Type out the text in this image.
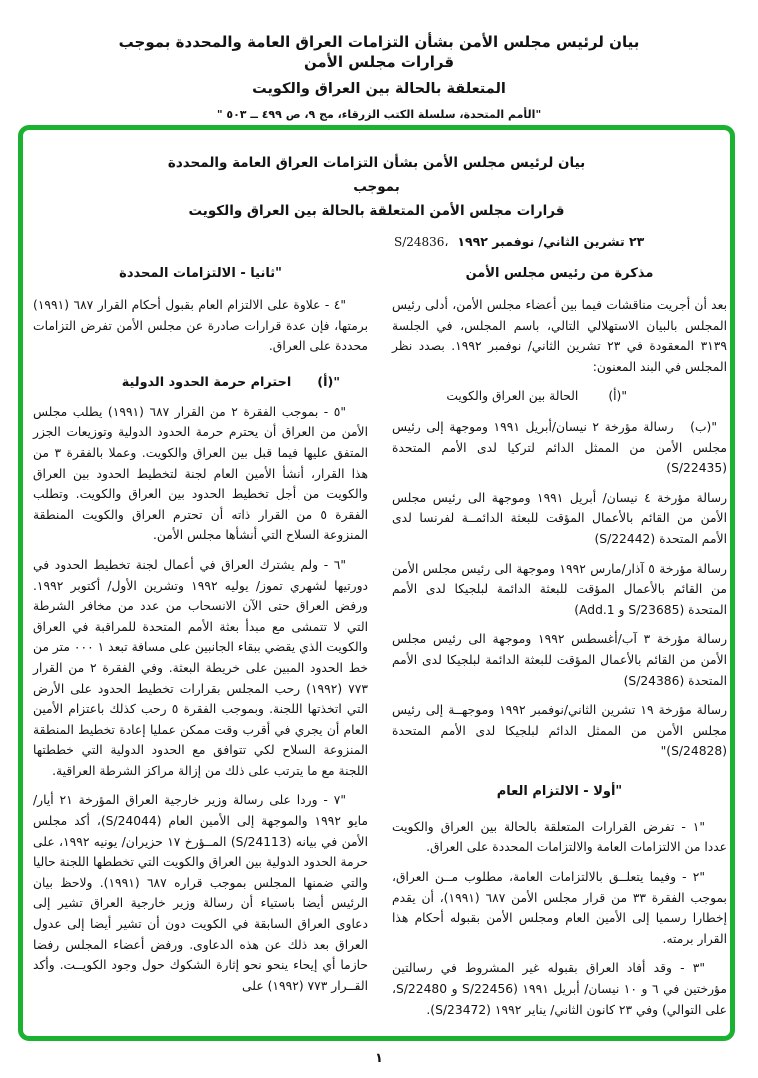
بيان لرئيس مجلس الأمن بشأن التزامات العراق العامة والمحددة بموجب قرارات مجلس الأمن
المتعلقة بالحالة بين العراق والكويت
"الأمم المتحدة، سلسلة الكتب الزرقاء، مج ٩، ص ٤٩٩ ــ ٥٠٣ "
بيان لرئيس مجلس الأمن بشأن التزامات العراق العامة والمحددة بموجب
قرارات مجلس الأمن المتعلقة بالحالة بين العراق والكويت
S/24836، ٢٣ تشرين الثاني/ نوفمبر ١٩٩٢
مذكرة من رئيس مجلس الأمن

بعد أن أجريت مناقشات فيما بين أعضاء مجلس الأمن، أدلى رئيس المجلس بالبيان الاستهلالي التالي، باسم المجلس، في الجلسة ٣١٣٩ المعقودة في ٢٣ تشرين الثاني/ نوفمبر ١٩٩٢. بصدد نظر المجلس في البند المعنون:

"(أ)
الحالة بين العراق والكويت

"(ب)   رسالة مؤرخة ٢ نيسان/أبريل ١٩٩١ وموجهة إلى رئيس مجلس الأمن من الممثل الدائم لتركيا لدى الأمم المتحدة (S/22435)

رسالة مؤرخة ٤ نيسان/ أبريل ١٩٩١ وموجهة الى رئيس مجلس الأمن من القائم بالأعمال المؤقت للبعثة الدائمــة لفرنسا لدى الأمم المتحدة (S/22442)

رسالة مؤرخة ٥ آذار/مارس ١٩٩٢ وموجهة الى رئيس مجلس الأمن من القائم بالأعمال المؤقت للبعثة الدائمة لبلجيكا لدى الأمم المتحدة (S/23685 و Add.1)

رسالة مؤرخة ٣ آب/أغسطس ١٩٩٢ وموجهة الى رئيس مجلس الأمن من القائم بالأعمال المؤقت للبعثة الدائمة لبلجيكا لدى الأمم المتحدة (S/24386)

رسالة مؤرخة ١٩ تشرين الثاني/نوفمبر ١٩٩٢ وموجهــة إلى رئيس مجلس الأمن من الممثل الدائم لبلجيكا لدى الأمم المتحدة (S/24828)"

"أولا - الالتزام العام

"١ - تفرض القرارات المتعلقة بالحالة بين العراق والكويت عددا من الالتزامات العامة والالتزامات المحددة على العراق.

"٢ - وفيما يتعلــق بالالتزامات العامة، مطلوب مــن العراق، بموجب الفقرة ٣٣ من قرار مجلس الأمن ٦٨٧ (١٩٩١)، أن يقدم إخطارا رسميا إلى الأمين العام ومجلس الأمن بقبوله أحكام هذا القرار برمته.

"٣ - وقد أفاد العراق بقبوله غير المشروط في رسالتين مؤرختين في ٦ و ١٠ نيسان/ أبريل ١٩٩١ (S/22456 و S/22480، على التوالي) وفي ٢٣ كانون الثاني/ يناير ١٩٩٢ (S/23472).

"ثانيا - الالتزامات المحددة

"٤ - علاوة على الالتزام العام بقبول أحكام القرار ٦٨٧ (١٩٩١) برمتها، فإن عدة قرارات صادرة عن مجلس الأمن تفرض التزامات محددة على العراق.

"(أ)
احترام حرمة الحدود الدولية

"٥ - بموجب الفقرة ٢ من القرار ٦٨٧ (١٩٩١) يطلب مجلس الأمن من العراق أن يحترم حرمة الحدود الدولية وتوزيعات الجزر المتفق عليها فيما قبل بين العراق والكويت. وعملا بالفقرة ٣ من هذا القرار، أنشأ الأمين العام لجنة لتخطيط الحدود بين العراق والكويت من أجل تخطيط الحدود بين العراق والكويت. وتطلب الفقرة ٥ من القرار ذاته أن تحترم العراق والكويت المنطقة المنزوعة السلاح التي أنشأها مجلس الأمن.

"٦ - ولم يشترك العراق في أعمال لجنة تخطيط الحدود في دورتيها لشهري تموز/ يوليه ١٩٩٢ وتشرين الأول/ أكتوبر ١٩٩٢. ورفض العراق حتى الآن الانسحاب من عدد من مخافر الشرطة التي لا تتمشى مع مبدأ بعثة الأمم المتحدة للمراقبة في العراق والكويت الذي يقضي ببقاء الجانبين على مسافة تبعد ١ ٠٠٠ متر من خط الحدود المبين على خريطة البعثة. وفي الفقرة ٢ من القرار ٧٧٣ (١٩٩٢) رحب المجلس بقرارات تخطيط الحدود على الأرض التي اتخذتها اللجنة. وبموجب الفقرة ٥ رحب كذلك باعتزام الأمين العام أن يجري في أقرب وقت ممكن عمليا إعادة تخطيط المنطقة المنزوعة السلاح لكي تتوافق مع الحدود الدولية التي خططتها اللجنة مع ما يترتب على ذلك من إزالة مراكز الشرطة العراقية.

"٧ - وردا على رسالة وزير خارجية العراق المؤرخة ٢١ أيار/ مايو ١٩٩٢ والموجهة إلى الأمين العام (S/24044)، أكد مجلس الأمن في بيانه (S/24113) المــؤرخ ١٧ حزيران/ يونيه ١٩٩٢، على حرمة الحدود الدولية بين العراق والكويت التي تخططها اللجنة حاليا والتي ضمنها المجلس بموجب قراره ٦٨٧ (١٩٩١). ولاحظ بيان الرئيس أيضا باستياء أن رسالة وزير خارجية العراق تشير إلى دعاوى العراق السابقة في الكويت دون أن تشير أيضا إلى عدول العراق بعد ذلك عن هذه الدعاوى. ورفض أعضاء المجلس رفضا حازما أي إيحاء ينحو نحو إثارة الشكوك حول وجود الكويــت. وأكد القــرار ٧٧٣ (١٩٩٢) على

١
